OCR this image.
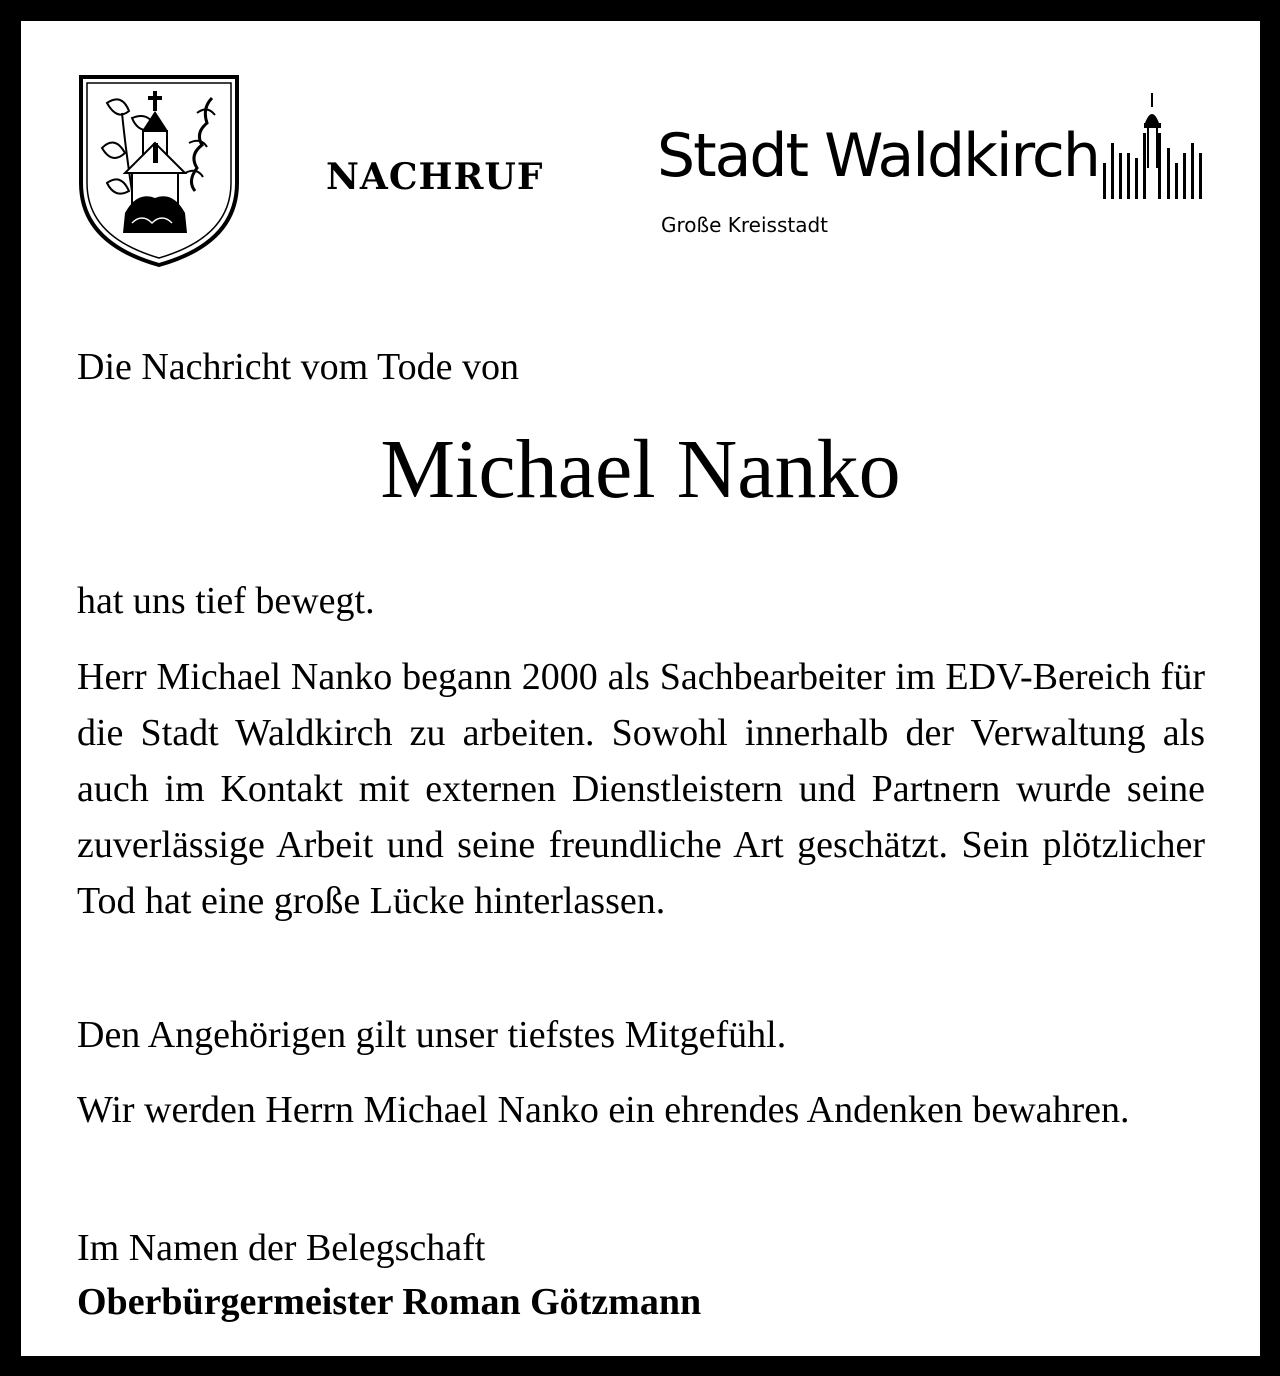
NACHRUF Stadt Waldkirch
Große Kreisstadt
Die Nachricht vom Tode von
Michael Nanko
hat uns tief bewegt.
Herr Michael Nanko begann 2000 als Sachbearbeiter im EDV-Bereich für die Stadt Waldkirch zu arbeiten. Sowohl innerhalb der Verwaltung als auch im Kontakt mit externen Dienstleistern und Partnern wurde seine zuverlässige Arbeit und seine freundliche Art geschätzt. Sein plötzlicher Tod hat eine große Lücke hinterlassen.
Den Angehörigen gilt unser tiefstes Mitgefühl.
Wir werden Herrn Michael Nanko ein ehrendes Andenken bewahren.
Im Namen der Belegschaft
Oberbürgermeister Roman Götzmann
